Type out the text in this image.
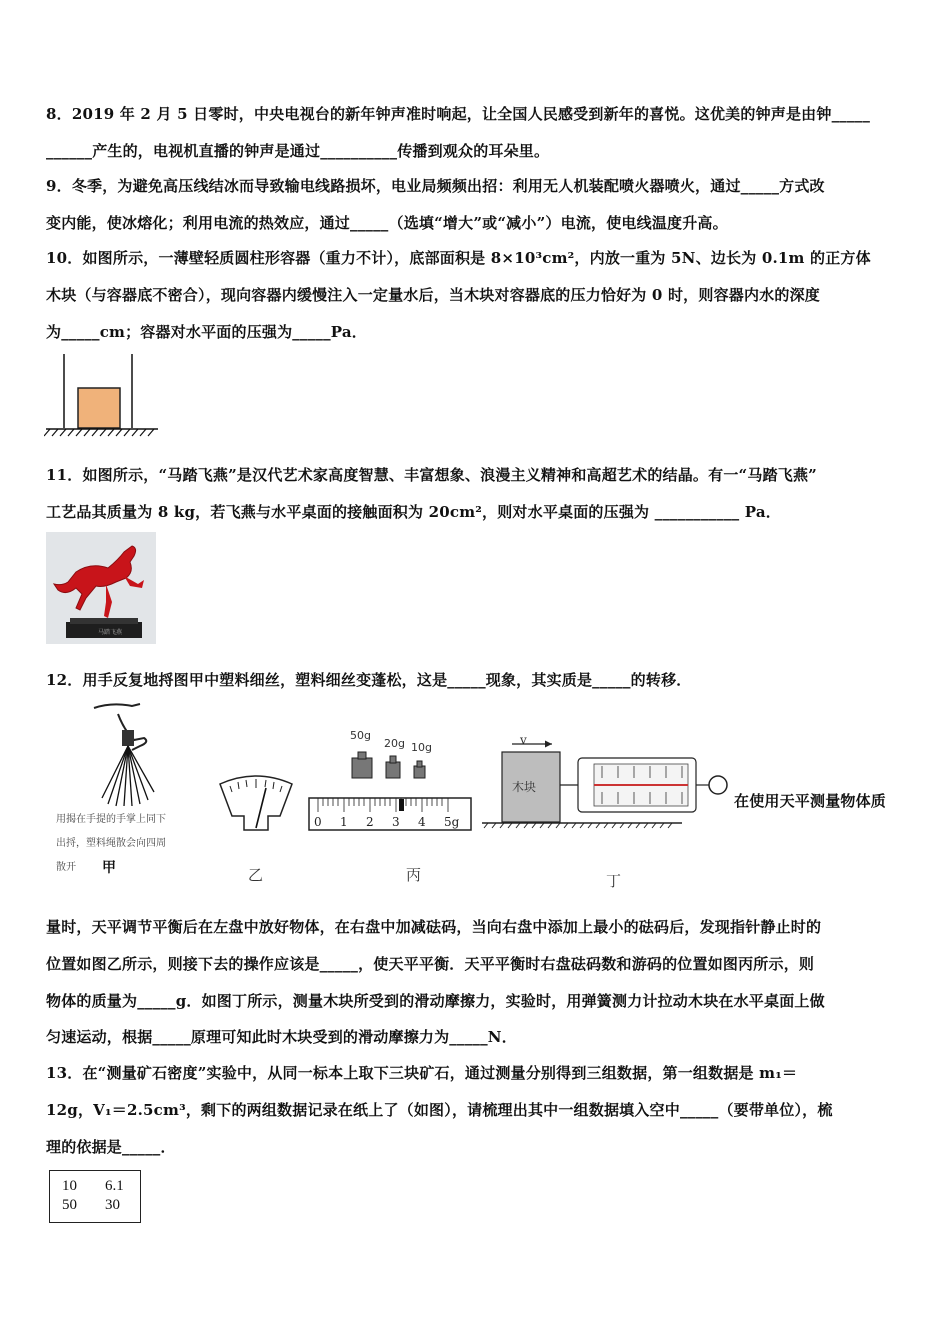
8．2019 年 2 月 5 日零时，中央电视台的新年钟声准时响起，让全国人民感受到新年的喜悦。这优美的钟声是由钟_____
______产生的，电视机直播的钟声是通过__________传播到观众的耳朵里。
9．冬季，为避免高压线结冰而导致输电线路损坏，电业局频频出招：利用无人机装配喷火器喷火，通过_____方式改
变内能，使冰熔化；利用电流的热效应，通过_____（选填“增大”或“减小”）电流，使电线温度升高。
10．如图所示，一薄壁轻质圆柱形容器（重力不计），底部面积是 8×10³cm²，内放一重为 5N、边长为 0.1m 的正方体
木块（与容器底不密合），现向容器内缓慢注入一定量水后，当木块对容器底的压力恰好为 0 时，则容器内水的深度
为_____cm；容器对水平面的压强为_____Pa．
11．如图所示，“马踏飞燕”是汉代艺术家高度智慧、丰富想象、浪漫主义精神和高超艺术的结晶。有一“马踏飞燕”
工艺品其质量为 8 kg，若飞燕与水平桌面的接触面积为 20cm²，则对水平桌面的压强为 ___________ Pa．
马踏飞燕
12．用手反复地捋图甲中塑料细丝，塑料细丝变蓬松，这是_____现象，其实质是_____的转移．
用揭在手提的手掌上同下
出捋，塑料绳散会向四周
散开 甲	乙
50g
20g 10g
0 1 2 3 4 5g
丙
v
木块
丁
在使用天平测量物体质
量时，天平调节平衡后在左盘中放好物体，在右盘中加减砝码，当向右盘中添加上最小的砝码后，发现指针静止时的
位置如图乙所示，则接下去的操作应该是_____，使天平平衡．天平平衡时右盘砝码数和游码的位置如图丙所示，则
物体的质量为_____g．如图丁所示，测量木块所受到的滑动摩擦力，实验时，用弹簧测力计拉动木块在水平桌面上做
匀速运动，根据_____原理可知此时木块受到的滑动摩擦力为_____N．
13．在“测量矿石密度”实验中，从同一标本上取下三块矿石，通过测量分别得到三组数据，第一组数据是 m₁＝
12g，V₁＝2.5cm³，剩下的两组数据记录在纸上了（如图），请梳理出其中一组数据填入空中_____（要带单位），梳
理的依据是_____．
10 6.1
50 30
